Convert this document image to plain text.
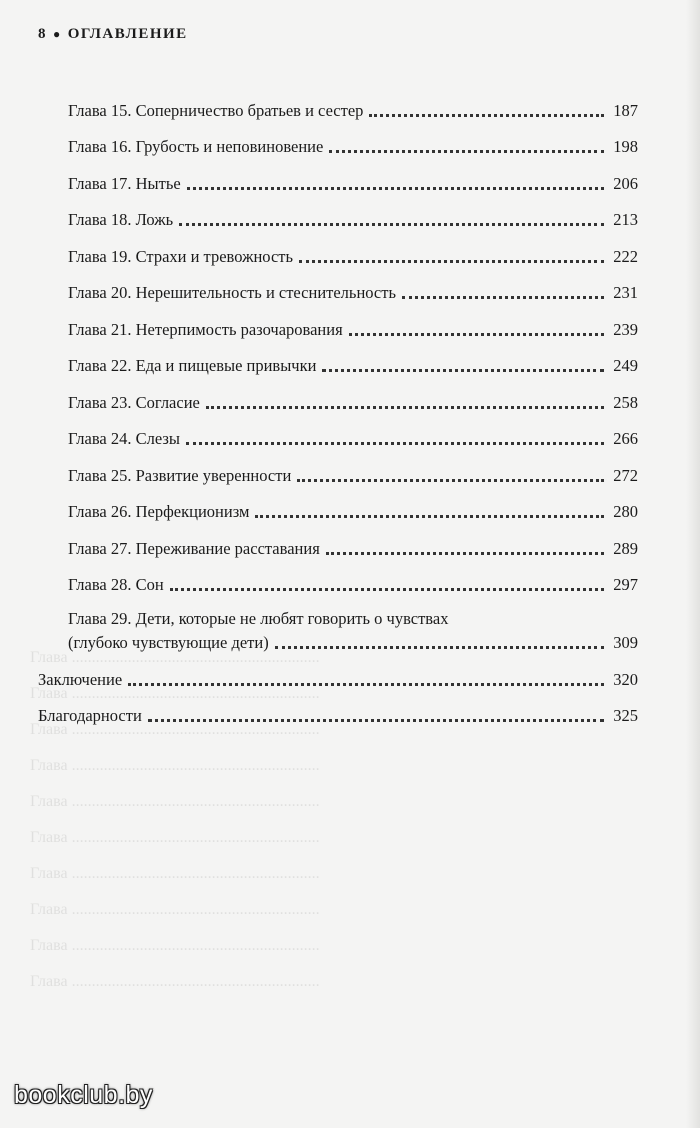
8 ● ОГЛАВЛЕНИЕ
Глава ..............................................................
Глава ..............................................................
Глава ..............................................................
Глава ..............................................................
Глава ..............................................................
Глава ..............................................................
Глава ..............................................................
Глава ..............................................................
Глава ..............................................................
Глава ..............................................................
Глава 15. Соперничество братьев и сестер	187
Глава 16. Грубость и неповиновение	198
Глава 17. Нытье	206
Глава 18. Ложь	213
Глава 19. Страхи и тревожность	222
Глава 20. Нерешительность и стеснительность	231
Глава 21. Нетерпимость разочарования	239
Глава 22. Еда и пищевые привычки	249
Глава 23. Согласие	258
Глава 24. Слезы	266
Глава 25. Развитие уверенности	272
Глава 26. Перфекционизм	280
Глава 27. Переживание расставания	289
Глава 28. Сон	297
Глава 29. Дети, которые не любят говорить о чувствах
(глубоко чувствующие дети)	309
Заключение	320
Благодарности	325
bookclub.by
